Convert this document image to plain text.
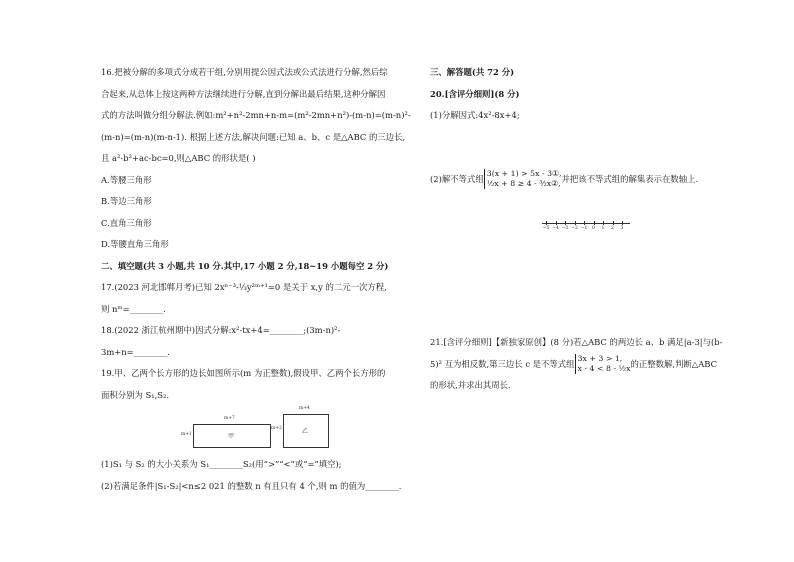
16.把被分解的多项式分成若干组,分别用提公因式法或公式法进行分解,然后综

合起来,从总体上按这两种方法继续进行分解,直到分解出最后结果,这种分解因

式的方法叫做分组分解法.例如:m²+n²-2mn+n-m=(m²-2mn+n²)-(m-n)=(m-n)²-

(m-n)=(m-n)(m-n-1). 根据上述方法,解决问题:已知 a、b、c 是△ABC 的三边长,

且 a²-b²+ac-bc=0,则△ABC 的形状是( )

A.等腰三角形

B.等边三角形

C.直角三角形

D.等腰直角三角形

二、填空题(共 3 小题,共 10 分.其中,17 小题 2 分,18~19 小题每空 2 分)

17.(2023 河北邯郸月考)已知 2xⁿ⁻³-⅓y²ᵐ⁺¹=0 是关于 x,y 的二元一次方程,

则 nᵐ=________.

18.(2022 浙江杭州期中)因式分解:x²-tx+4=________;(3m-n)²-

3m+n=________.

19.甲、乙两个长方形的边长如图所示(m 为正整数),假设甲、乙两个长方形的

面积分别为 S₁,S₂.

m+7
m+1	甲
m+4
m+2	乙

(1)S₁ 与 S₂ 的大小关系为 S₁________S₂(用“>”“<”或“=”填空);

(2)若满足条件|S₁-S₂|<n≤2 021 的整数 n 有且只有 4 个,则 m 的值为________.

三、解答题(共 72 分)

20.[含评分细则](8 分)

(1)分解因式:4x²-8x+4;

(2)解不等式组 3(x + 1) > 5x - 3①,
½x + 8 ≥ 4 - ³⁄₂x②,并把该不等式组的解集表示在数轴上.

−5 −4 −3 −2 −1 0 1 2 3

21.[含评分细则]【新独家原创】(8 分)若△ABC 的两边长 a、b 满足|a-3|与(b-

5)² 互为相反数,第三边长 c 是不等式组 3x + 3 > 1,
x - 4 < 8 - ½x的正整数解,判断△ABC

的形状,并求出其周长.
